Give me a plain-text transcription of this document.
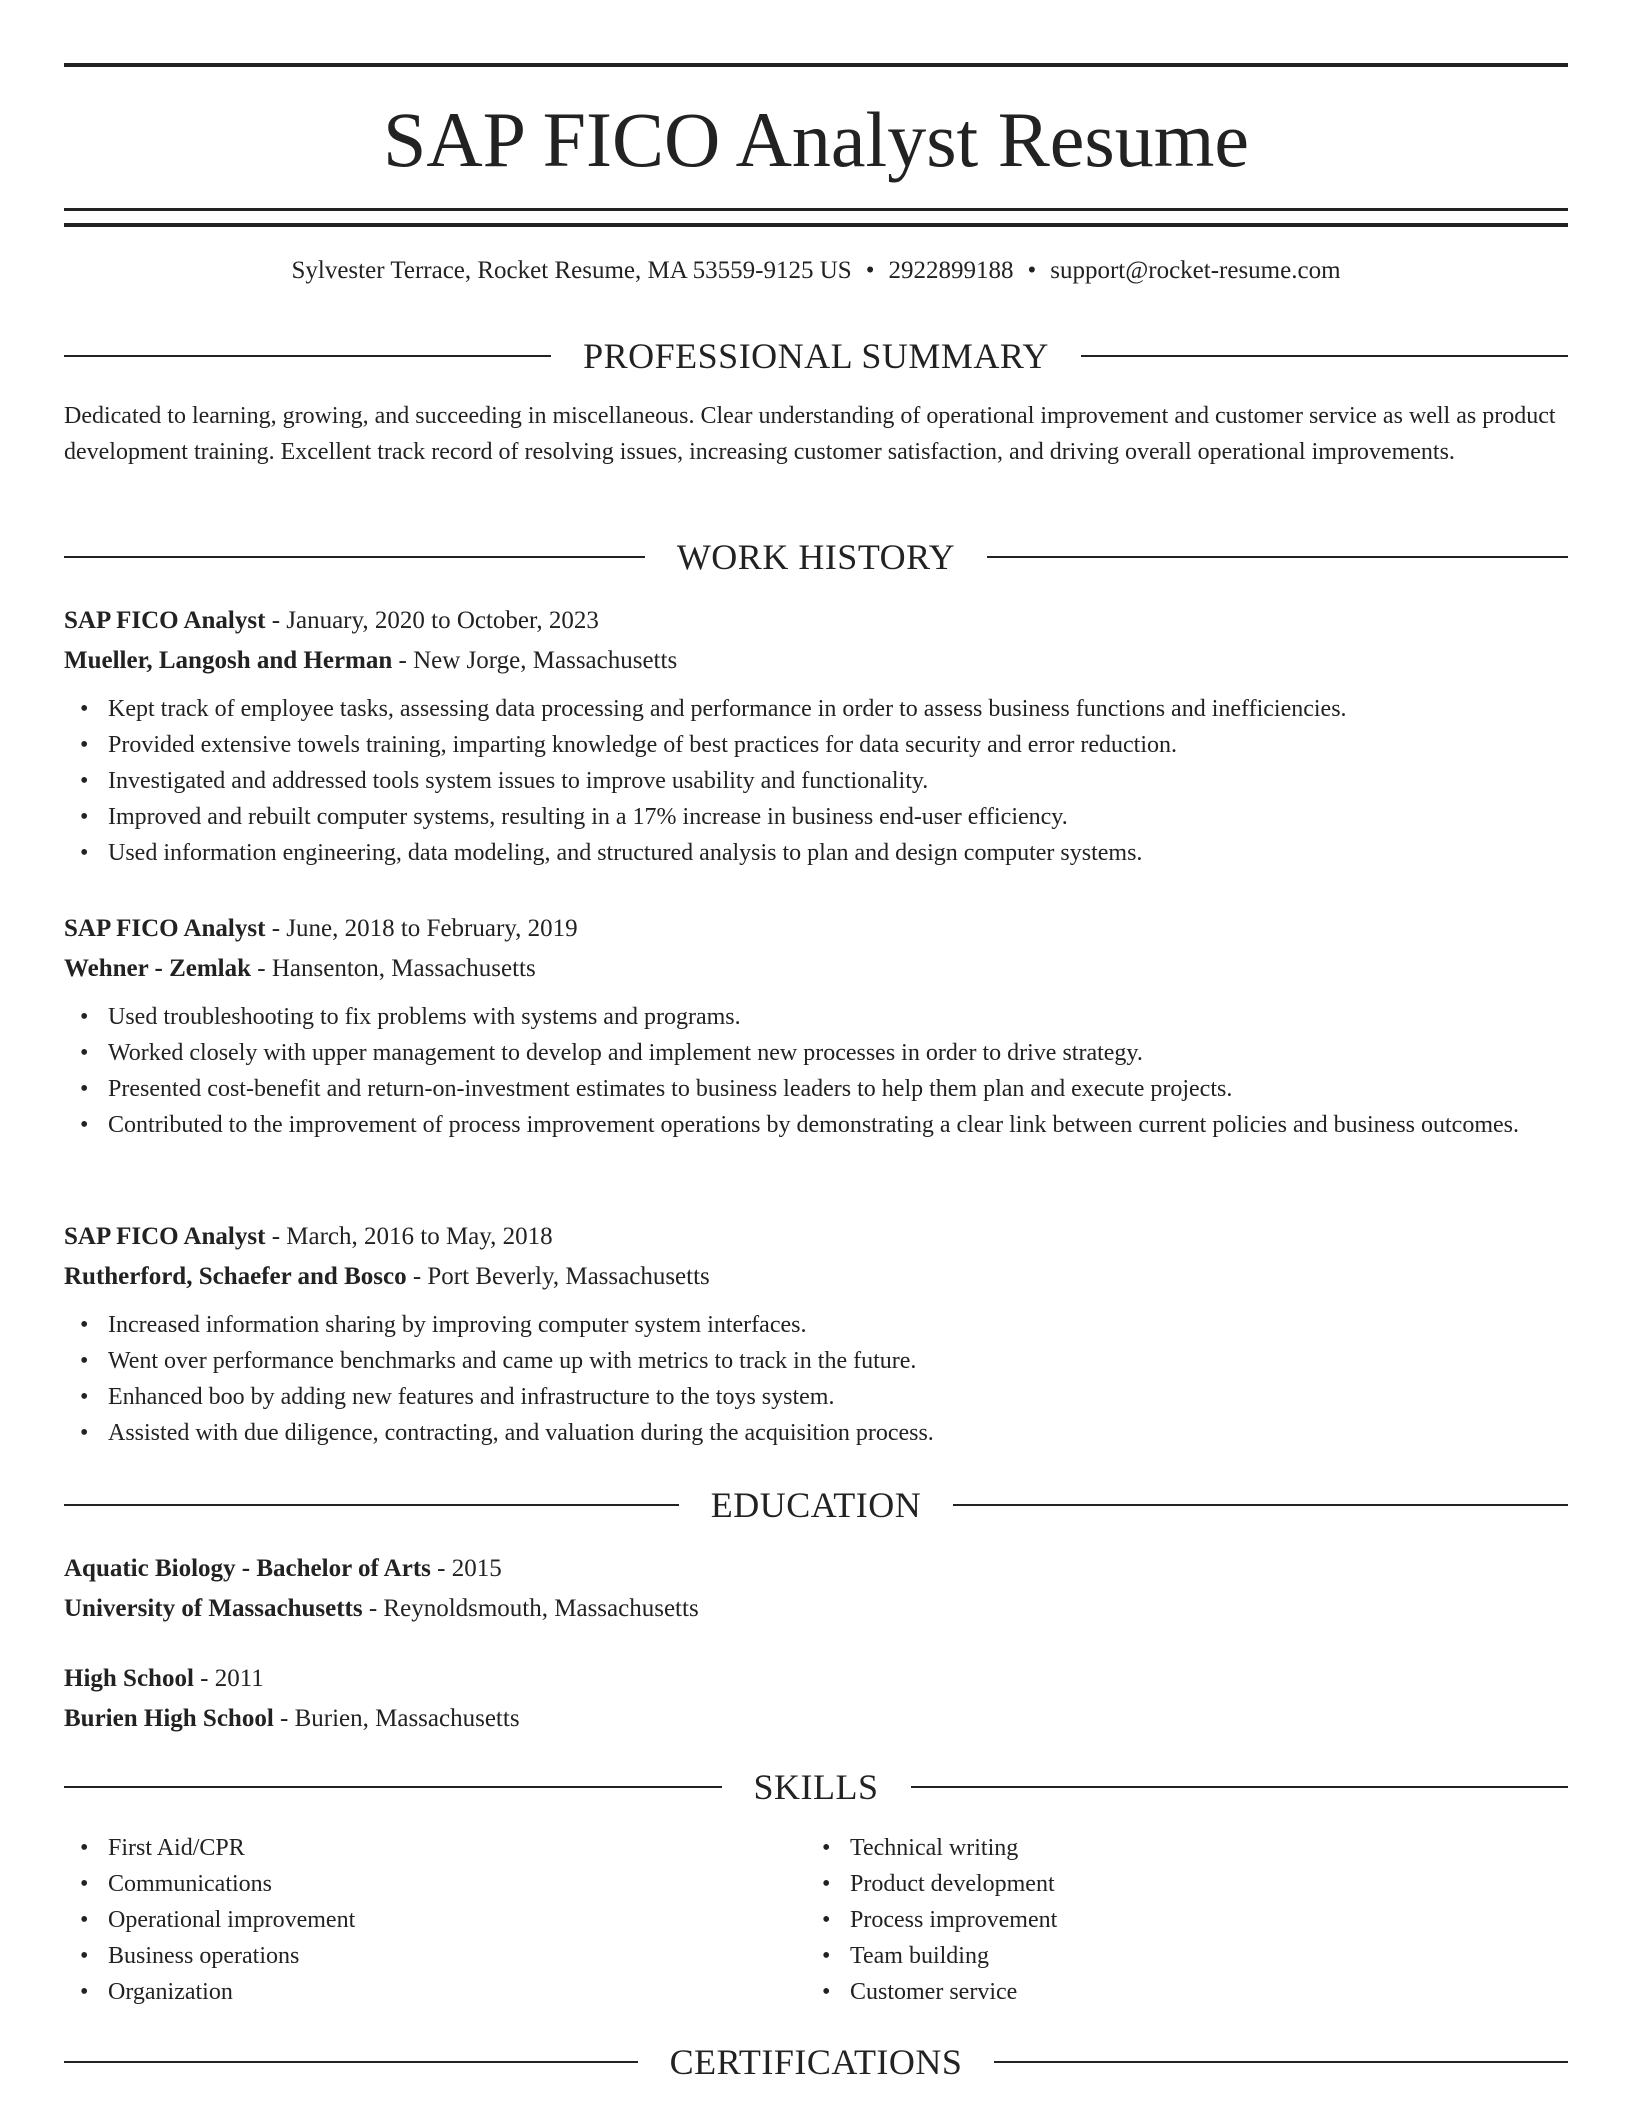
SAP FICO Analyst Resume
Sylvester Terrace, Rocket Resume, MA 53559-9125 US • 2922899188 • support@rocket-resume.com
PROFESSIONAL SUMMARY
Dedicated to learning, growing, and succeeding in miscellaneous. Clear understanding of operational improvement and customer service as well as product development training. Excellent track record of resolving issues, increasing customer satisfaction, and driving overall operational improvements.
WORK HISTORY
SAP FICO Analyst - January, 2020 to October, 2023
Mueller, Langosh and Herman - New Jorge, Massachusetts
• Kept track of employee tasks, assessing data processing and performance in order to assess business functions and inefficiencies.
• Provided extensive towels training, imparting knowledge of best practices for data security and error reduction.
• Investigated and addressed tools system issues to improve usability and functionality.
• Improved and rebuilt computer systems, resulting in a 17% increase in business end-user efficiency.
• Used information engineering, data modeling, and structured analysis to plan and design computer systems.
SAP FICO Analyst - June, 2018 to February, 2019
Wehner - Zemlak - Hansenton, Massachusetts
• Used troubleshooting to fix problems with systems and programs.
• Worked closely with upper management to develop and implement new processes in order to drive strategy.
• Presented cost-benefit and return-on-investment estimates to business leaders to help them plan and execute projects.
• Contributed to the improvement of process improvement operations by demonstrating a clear link between current policies and business outcomes.
SAP FICO Analyst - March, 2016 to May, 2018
Rutherford, Schaefer and Bosco - Port Beverly, Massachusetts
• Increased information sharing by improving computer system interfaces.
• Went over performance benchmarks and came up with metrics to track in the future.
• Enhanced boo by adding new features and infrastructure to the toys system.
• Assisted with due diligence, contracting, and valuation during the acquisition process.
EDUCATION
Aquatic Biology - Bachelor of Arts - 2015
University of Massachusetts - Reynoldsmouth, Massachusetts
High School - 2011
Burien High School - Burien, Massachusetts
SKILLS
• First Aid/CPR
• Communications
• Operational improvement
• Business operations
• Organization
• Technical writing
• Product development
• Process improvement
• Team building
• Customer service
CERTIFICATIONS
